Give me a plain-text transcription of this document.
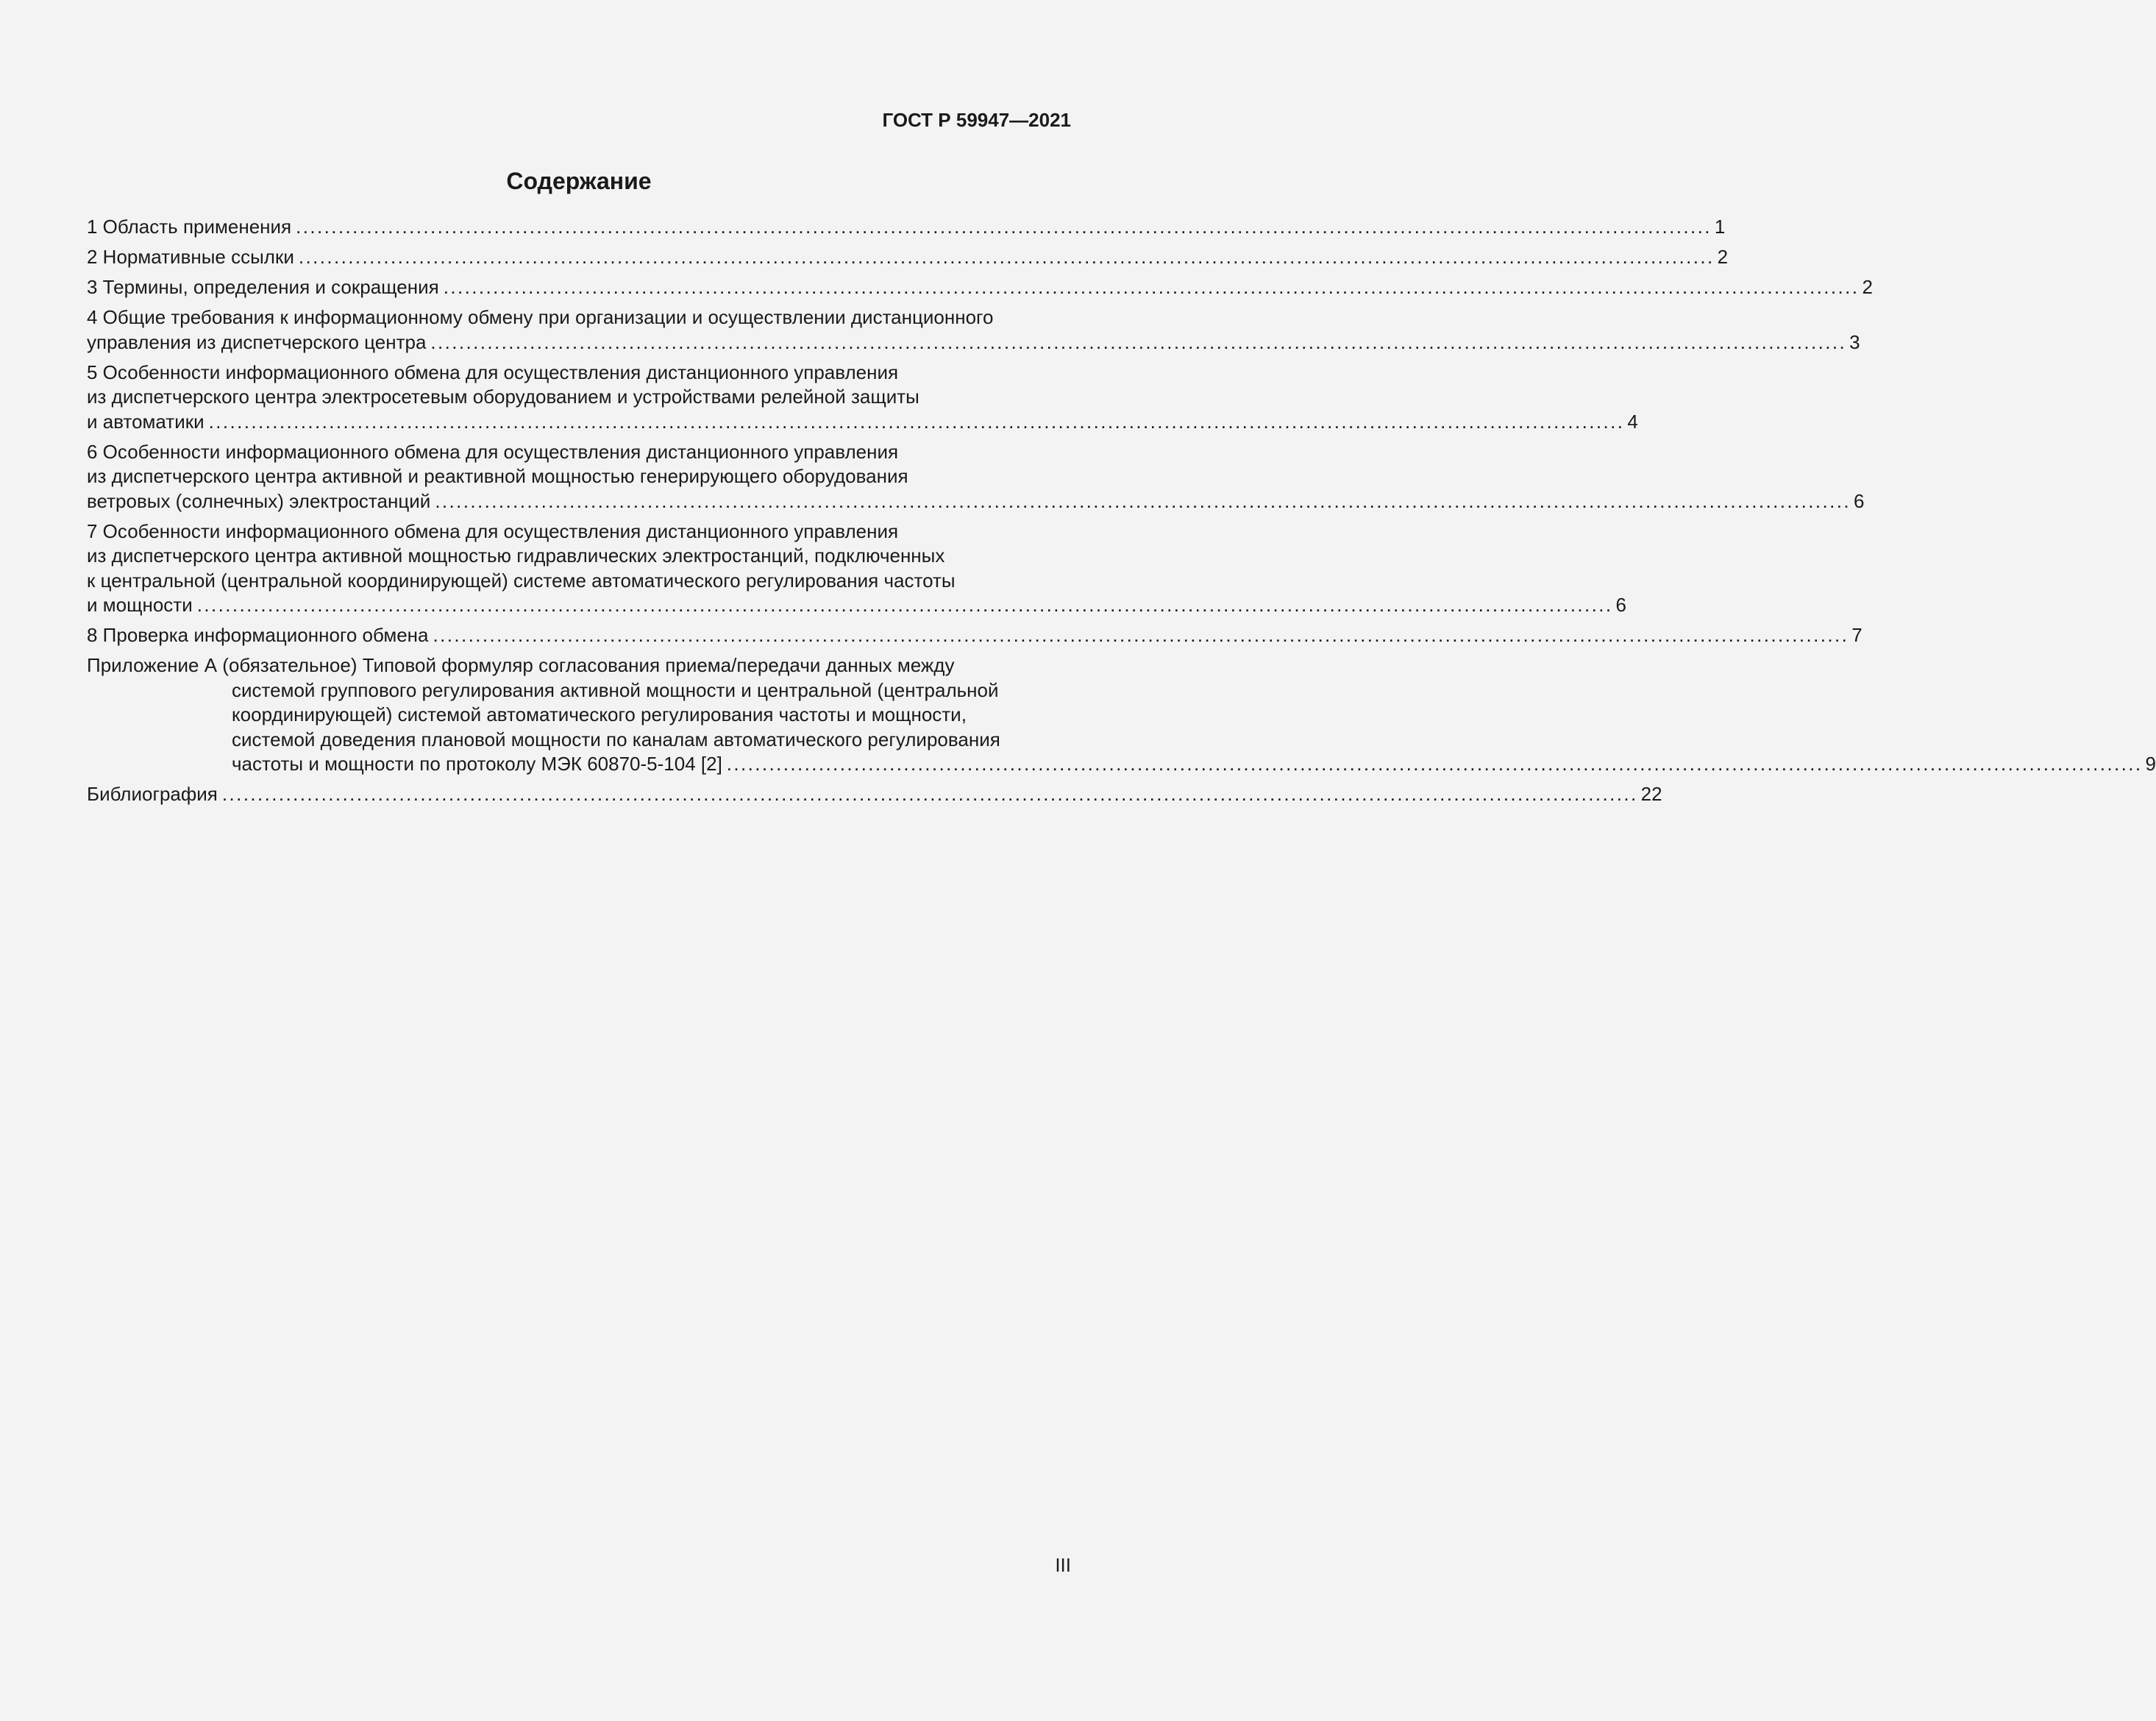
ГОСТ Р 59947—2021
Содержание
1 Область применения ........................................................................................................................................................................................................ 1
2 Нормативные ссылки ........................................................................................................................................................................................................ 2
3 Термины, определения и сокращения ........................................................................................................................................................................................................ 2
4 Общие требования к информационному обмену при организации и осуществлении дистанционного
управления из диспетчерского центра ........................................................................................................................................................................................................ 3
5 Особенности информационного обмена для осуществления дистанционного управления
из диспетчерского центра электросетевым оборудованием и устройствами релейной защиты
и автоматики ........................................................................................................................................................................................................ 4
6 Особенности информационного обмена для осуществления дистанционного управления
из диспетчерского центра активной и реактивной мощностью генерирующего оборудования
ветровых (солнечных) электростанций ........................................................................................................................................................................................................ 6
7 Особенности информационного обмена для осуществления дистанционного управления
из диспетчерского центра активной мощностью гидравлических электростанций, подключенных
к центральной (центральной координирующей) системе автоматического регулирования частоты
и мощности ........................................................................................................................................................................................................ 6
8 Проверка информационного обмена ........................................................................................................................................................................................................ 7
Приложение А (обязательное) Типовой формуляр согласования приема/передачи данных между
системой группового регулирования активной мощности и центральной (центральной
координирующей) системой автоматического регулирования частоты и мощности,
системой доведения плановой мощности по каналам автоматического регулирования
частоты и мощности по протоколу МЭК 60870-5-104 [2] ........................................................................................................................................................................................................ 9
Библиография ........................................................................................................................................................................................................ 22
III
